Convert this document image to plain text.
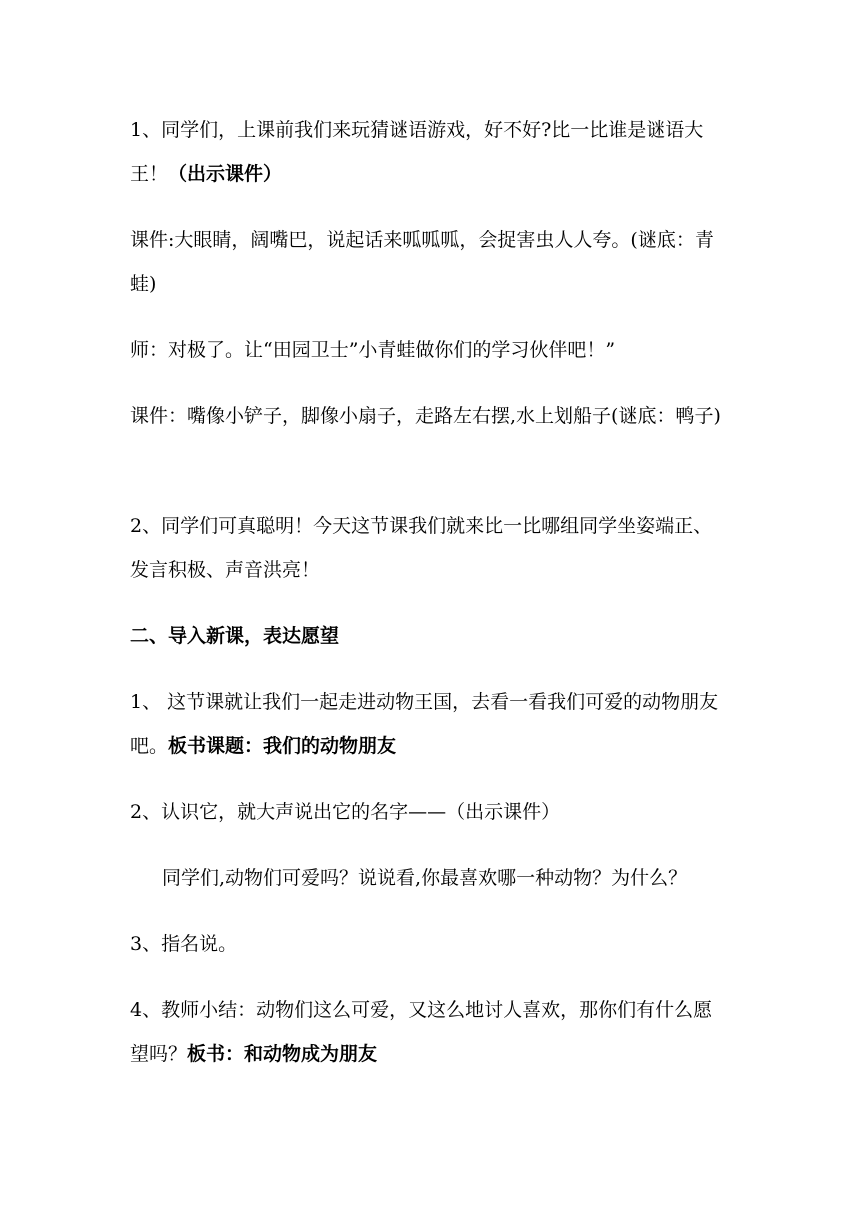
1、同学们，上课前我们来玩猜谜语游戏，好不好?比一比谁是谜语大王！（出示课件）

课件:大眼睛，阔嘴巴，说起话来呱呱呱，会捉害虫人人夸。(谜底：青蛙)

师：对极了。让“田园卫士”小青蛙做你们的学习伙伴吧！”

课件：嘴像小铲子，脚像小扇子，走路左右摆,水上划船子(谜底：鸭子)

2、同学们可真聪明！今天这节课我们就来比一比哪组同学坐姿端正、发言积极、声音洪亮！

二、导入新课，表达愿望

1、 这节课就让我们一起走进动物王国，去看一看我们可爱的动物朋友吧。板书课题：我们的动物朋友

2、认识它，就大声说出它的名字——（出示课件）

同学们,动物们可爱吗？说说看,你最喜欢哪一种动物？为什么？

3、指名说。

4、教师小结：动物们这么可爱，又这么地讨人喜欢，那你们有什么愿望吗？板书：和动物成为朋友
